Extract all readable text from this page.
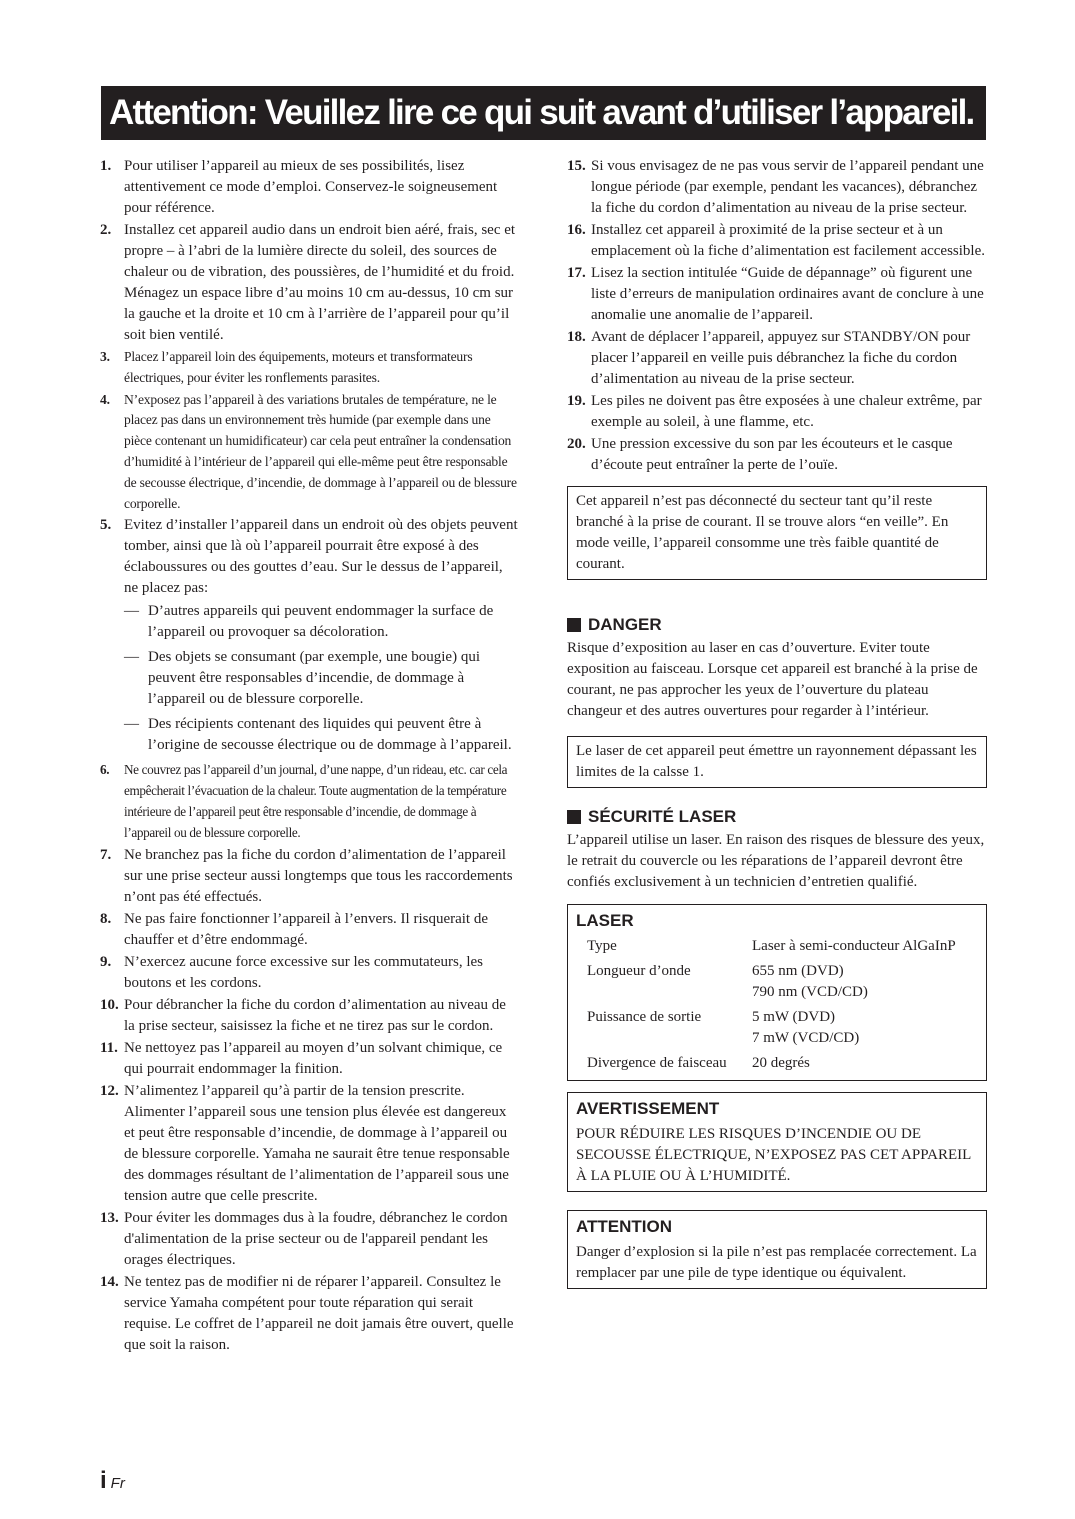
Attention: Veuillez lire ce qui suit avant d’utiliser l’appareil.
1. Pour utiliser l’appareil au mieux de ses possibilités, lisez attentivement ce mode d’emploi. Conservez-le soigneusement pour référence.
2. Installez cet appareil audio dans un endroit bien aéré, frais, sec et propre – à l’abri de la lumière directe du soleil, des sources de chaleur ou de vibration, des poussières, de l’humidité et du froid. Ménagez un espace libre d’au moins 10 cm au-dessus, 10 cm sur la gauche et la droite et 10 cm à l’arrière de l’appareil pour qu’il soit bien ventilé.
3. Placez l’appareil loin des équipements, moteurs et transformateurs électriques, pour éviter les ronflements parasites.
4. N’exposez pas l’appareil à des variations brutales de température, ne le placez pas dans un environnement très humide (par exemple dans une pièce contenant un humidificateur) car cela peut entraîner la condensation d’humidité à l’intérieur de l’appareil qui elle-même peut être responsable de secousse électrique, d’incendie, de dommage à l’appareil ou de blessure corporelle.
5. Evitez d’installer l’appareil dans un endroit où des objets peuvent tomber, ainsi que là où l’appareil pourrait être exposé à des éclaboussures ou des gouttes d’eau. Sur le dessus de l’appareil, ne placez pas:
— D’autres appareils qui peuvent endommager la surface de l’appareil ou provoquer sa décoloration.
— Des objets se consumant (par exemple, une bougie) qui peuvent être responsables d’incendie, de dommage à l’appareil ou de blessure corporelle.
— Des récipients contenant des liquides qui peuvent être à l’origine de secousse électrique ou de dommage à l’appareil.
6. Ne couvrez pas l’appareil d’un journal, d’une nappe, d’un rideau, etc. car cela empêcherait l’évacuation de la chaleur. Toute augmentation de la température intérieure de l’appareil peut être responsable d’incendie, de dommage à l’appareil ou de blessure corporelle.
7. Ne branchez pas la fiche du cordon d’alimentation de l’appareil sur une prise secteur aussi longtemps que tous les raccordements n’ont pas été effectués.
8. Ne pas faire fonctionner l’appareil à l’envers. Il risquerait de chauffer et d’être endommagé.
9. N’exercez aucune force excessive sur les commutateurs, les boutons et les cordons.
10. Pour débrancher la fiche du cordon d’alimentation au niveau de la prise secteur, saisissez la fiche et ne tirez pas sur le cordon.
11. Ne nettoyez pas l’appareil au moyen d’un solvant chimique, ce qui pourrait endommager la finition.
12. N’alimentez l’appareil qu’à partir de la tension prescrite. Alimenter l’appareil sous une tension plus élevée est dangereux et peut être responsable d’incendie, de dommage à l’appareil ou de blessure corporelle. Yamaha ne saurait être tenue responsable des dommages résultant de l’alimentation de l’appareil sous une tension autre que celle prescrite.
13. Pour éviter les dommages dus à la foudre, débranchez le cordon d'alimentation de la prise secteur ou de l'appareil pendant les orages électriques.
14. Ne tentez pas de modifier ni de réparer l’appareil. Consultez le service Yamaha compétent pour toute réparation qui serait requise. Le coffret de l’appareil ne doit jamais être ouvert, quelle que soit la raison.
15. Si vous envisagez de ne pas vous servir de l’appareil pendant une longue période (par exemple, pendant les vacances), débranchez la fiche du cordon d’alimentation au niveau de la prise secteur.
16. Installez cet appareil à proximité de la prise secteur et à un emplacement où la fiche d’alimentation est facilement accessible.
17. Lisez la section intitulée “Guide de dépannage” où figurent une liste d’erreurs de manipulation ordinaires avant de conclure à une anomalie une anomalie de l’appareil.
18. Avant de déplacer l’appareil, appuyez sur STANDBY/ON pour placer l’appareil en veille puis débranchez la fiche du cordon d’alimentation au niveau de la prise secteur.
19. Les piles ne doivent pas être exposées à une chaleur extrême, par exemple au soleil, à une flamme, etc.
20. Une pression excessive du son par les écouteurs et le casque d’écoute peut entraîner la perte de l’ouïe.
Cet appareil n’est pas déconnecté du secteur tant qu’il reste branché à la prise de courant. Il se trouve alors “en veille”. En mode veille, l’appareil consomme une très faible quantité de courant.
DANGER
Risque d’exposition au laser en cas d’ouverture. Eviter toute exposition au faisceau. Lorsque cet appareil est branché à la prise de courant, ne pas approcher les yeux de l’ouverture du plateau changeur et des autres ouvertures pour regarder à l’intérieur.
Le laser de cet appareil peut émettre un rayonnement dépassant les limites de la calsse 1.
SÉCURITÉ LASER
L’appareil utilise un laser. En raison des risques de blessure des yeux, le retrait du couvercle ou les réparations de l’appareil devront être confiés exclusivement à un technicien d’entretien qualifié.
LASER
Type	Laser à semi-conducteur AlGaInP

Longueur d’onde	655 nm (DVD)
790 nm (VCD/CD)

Puissance de sortie	5 mW (DVD)
7 mW (VCD/CD)

Divergence de faisceau	20 degrés
AVERTISSEMENT
POUR RÉDUIRE LES RISQUES D’INCENDIE OU DE SECOUSSE ÉLECTRIQUE, N’EXPOSEZ PAS CET APPAREIL À LA PLUIE OU À L’HUMIDITÉ.
ATTENTION
Danger d’explosion si la pile n’est pas remplacée correctement. La remplacer par une pile de type identique ou équivalent.
i Fr
